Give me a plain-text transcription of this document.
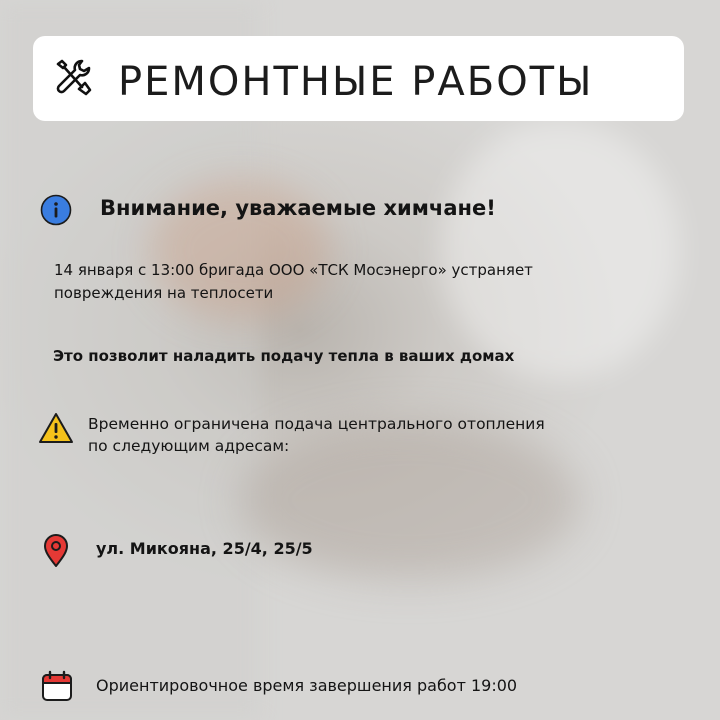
РЕМОНТНЫЕ РАБОТЫ
Внимание, уважаемые химчане!
14 января с 13:00 бригада ООО «ТСК Мосэнерго» устраняет
повреждения на теплосети
Это позволит наладить подачу тепла в ваших домах
Временно ограничена подача центрального отопления
по следующим адресам:
ул. Микояна, 25/4, 25/5
Ориентировочное время завершения работ 19:00
